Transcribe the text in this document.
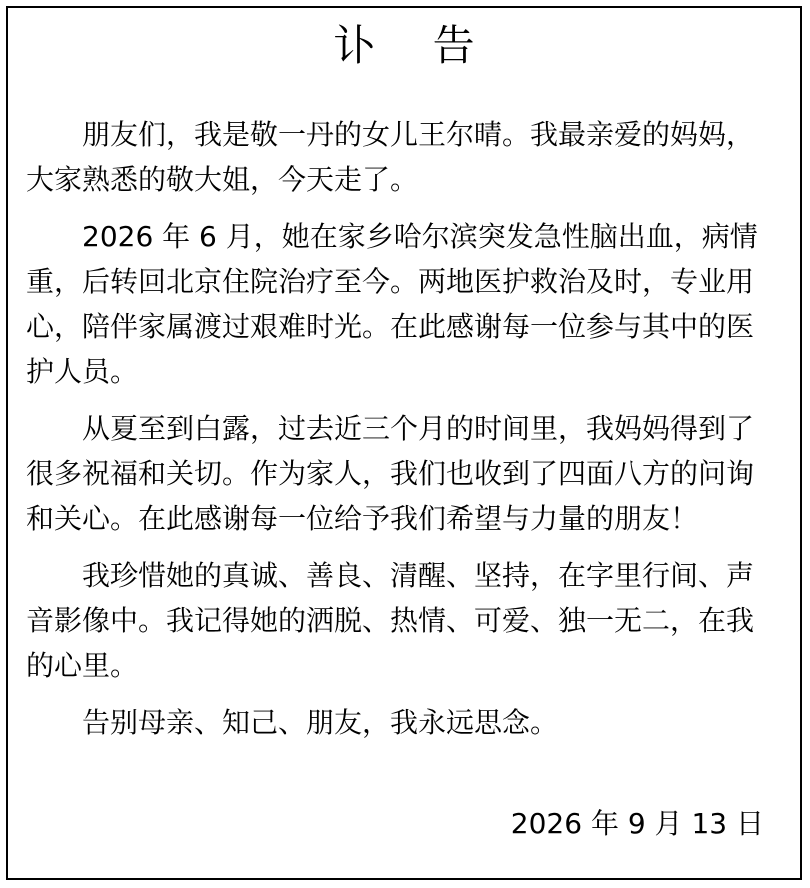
讣 告

朋友们，我是敬一丹的女儿王尔晴。我最亲爱的妈妈，大家熟悉的敬大姐，今天走了。

2026 年 6 月，她在家乡哈尔滨突发急性脑出血，病情重，后转回北京住院治疗至今。两地医护救治及时，专业用心，陪伴家属渡过艰难时光。在此感谢每一位参与其中的医护人员。

从夏至到白露，过去近三个月的时间里，我妈妈得到了很多祝福和关切。作为家人，我们也收到了四面八方的问询和关心。在此感谢每一位给予我们希望与力量的朋友！

我珍惜她的真诚、善良、清醒、坚持，在字里行间、声音影像中。我记得她的洒脱、热情、可爱、独一无二，在我的心里。

告别母亲、知己、朋友，我永远思念。

2026 年 9 月 13 日
